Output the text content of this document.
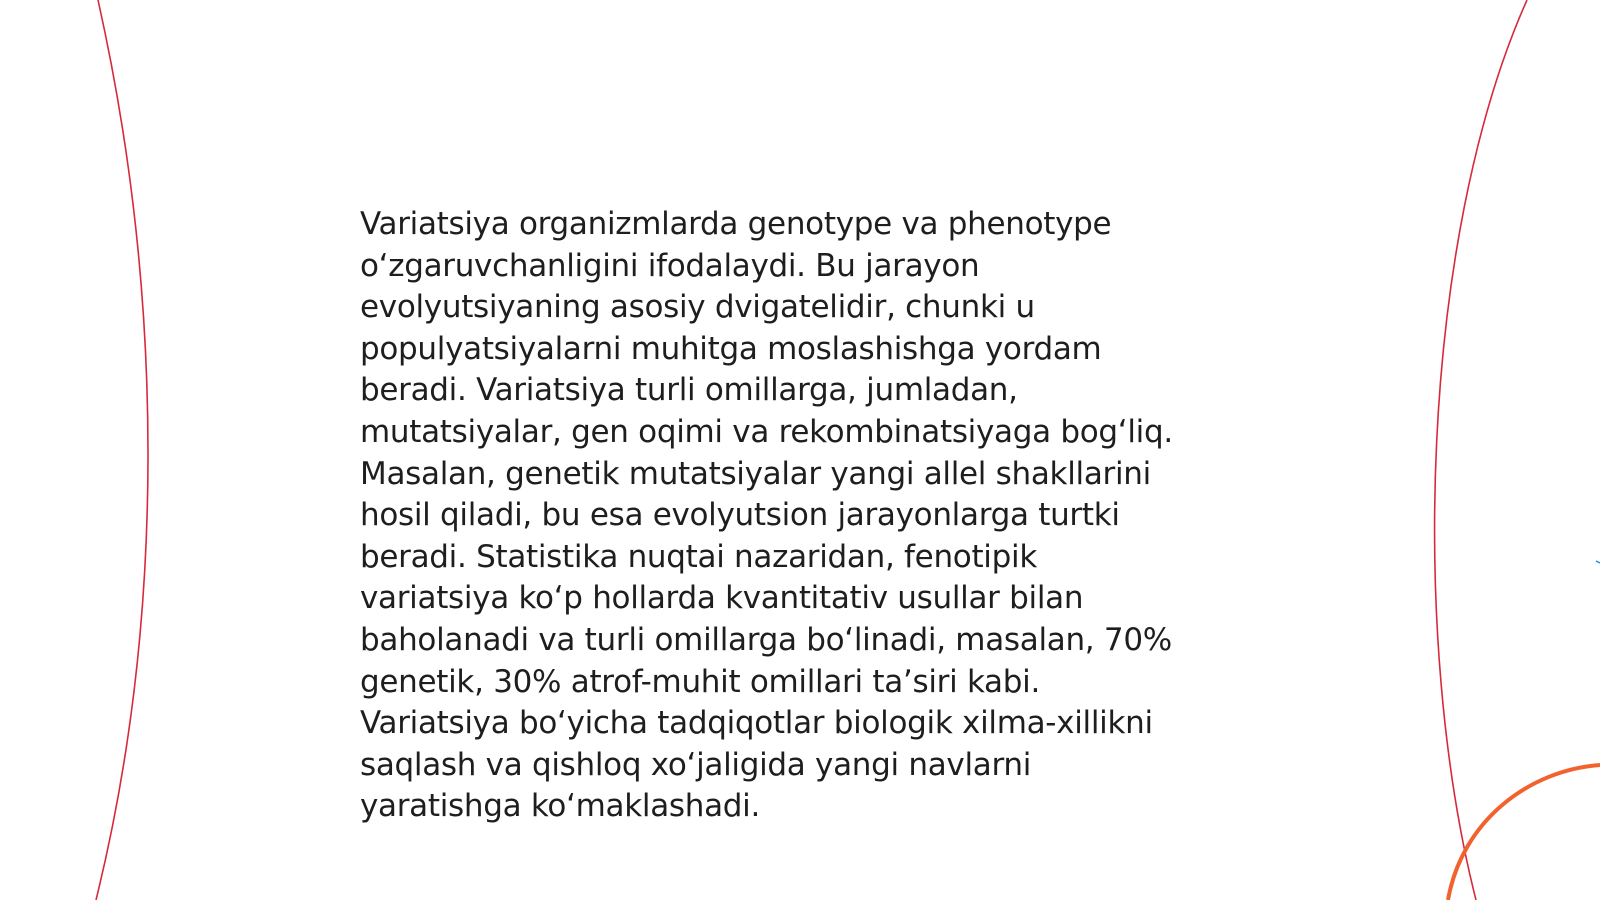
Variatsiya organizmlarda genotype va phenotype
o‘zgaruvchanligini ifodalaydi. Bu jarayon
evolyutsiyaning asosiy dvigatelidir, chunki u
populyatsiyalarni muhitga moslashishga yordam
beradi. Variatsiya turli omillarga, jumladan,
mutatsiyalar, gen oqimi va rekombinatsiyaga bog‘liq.
Masalan, genetik mutatsiyalar yangi allel shakllarini
hosil qiladi, bu esa evolyutsion jarayonlarga turtki
beradi. Statistika nuqtai nazaridan, fenotipik
variatsiya ko‘p hollarda kvantitativ usullar bilan
baholanadi va turli omillarga bo‘linadi, masalan, 70%
genetik, 30% atrof-muhit omillari ta’siri kabi.
Variatsiya bo‘yicha tadqiqotlar biologik xilma-xillikni
saqlash va qishloq xo‘jaligida yangi navlarni
yaratishga ko‘maklashadi.
